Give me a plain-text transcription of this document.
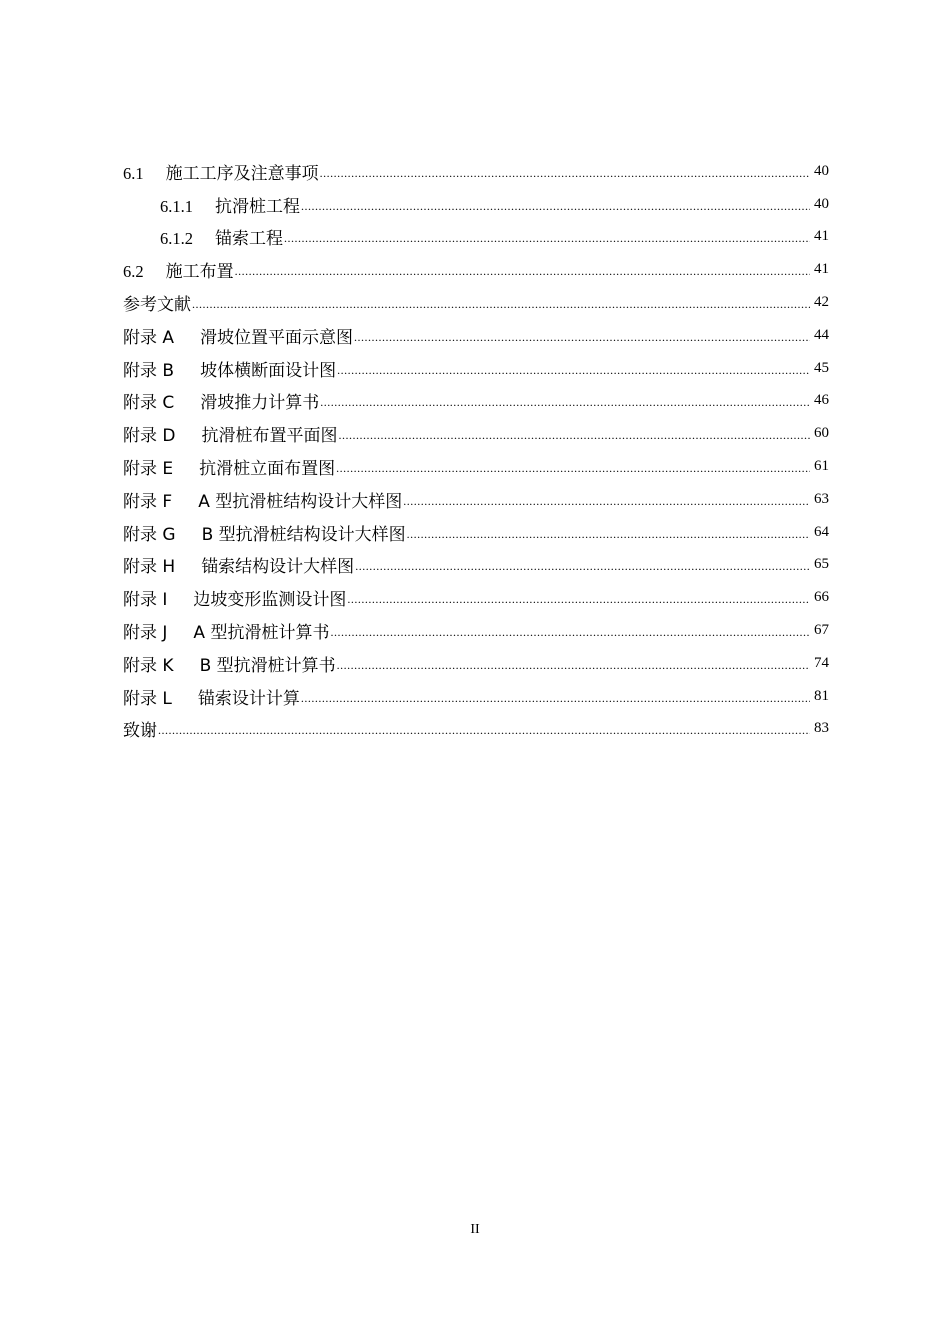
6.1 施工工序及注意事项 .....	40
6.1.1 抗滑桩工程 .....	40
6.1.2 锚索工程 .....	41
6.2 施工布置 .....	41
参考文献 .....	42
附录 A 滑坡位置平面示意图 .....	44
附录 B 坡体横断面设计图 .....	45
附录 C 滑坡推力计算书 .....	46
附录 D 抗滑桩布置平面图 .....	60
附录 E 抗滑桩立面布置图 .....	61
附录 F A 型抗滑桩结构设计大样图 .....	63
附录 G B 型抗滑桩结构设计大样图 .....	64
附录 H 锚索结构设计大样图 .....	65
附录 I 边坡变形监测设计图 .....	66
附录 J A 型抗滑桩计算书 .....	67
附录 K B 型抗滑桩计算书 .....	74
附录 L 锚索设计计算 .....	81
致谢 .....	83
II
